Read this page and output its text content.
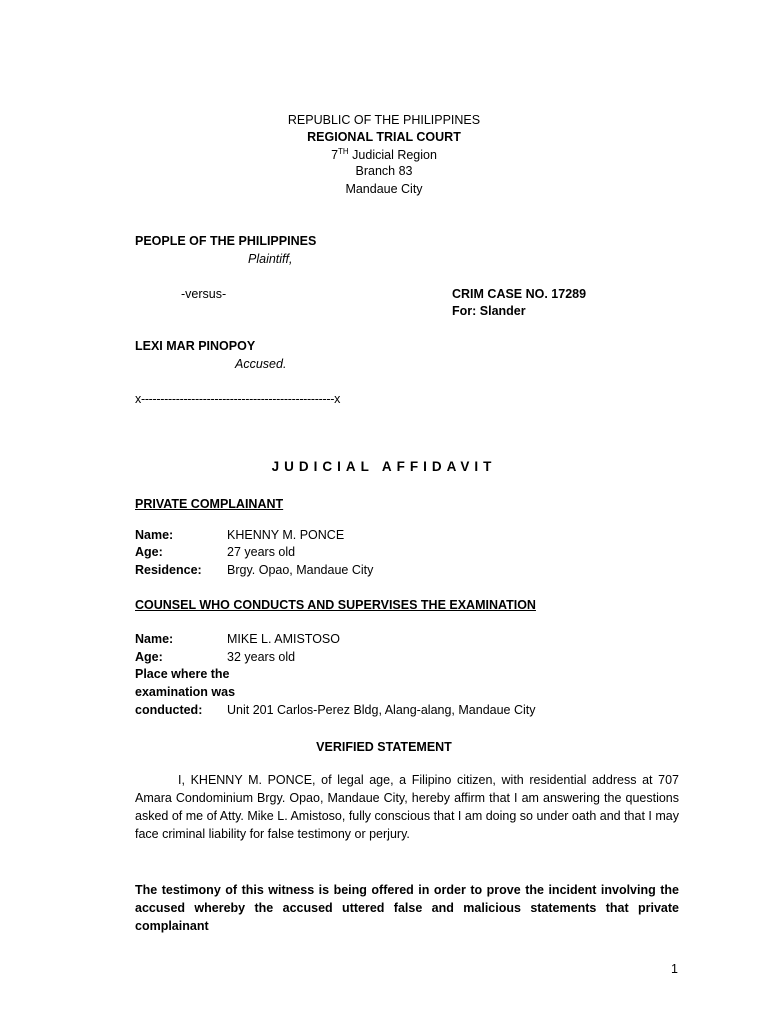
REPUBLIC OF THE PHILIPPINES
REGIONAL TRIAL COURT
7TH Judicial Region
Branch 83
Mandaue City
PEOPLE OF THE PHILIPPINES
Plaintiff,
-versus-	CRIM CASE NO. 17289
For: Slander
LEXI MAR PINOPOY
Accused.
x--------------------------------------------------x
JUDICIAL AFFIDAVIT
PRIVATE COMPLAINANT
Name:	KHENNY M. PONCE
Age:	27 years old
Residence: Brgy. Opao, Mandaue City
COUNSEL WHO CONDUCTS AND SUPERVISES THE EXAMINATION
Name:	MIKE L. AMISTOSO
Age:	32 years old
Place where the
examination was
conducted: Unit 201 Carlos-Perez Bldg, Alang-alang, Mandaue City
VERIFIED STATEMENT
I, KHENNY M. PONCE, of legal age, a Filipino citizen, with residential address at 707 Amara Condominium Brgy. Opao, Mandaue City, hereby affirm that I am answering the questions asked of me of Atty. Mike L. Amistoso, fully conscious that I am doing so under oath and that I may face criminal liability for false testimony or perjury.
The testimony of this witness is being offered in order to prove the incident involving the accused whereby the accused uttered false and malicious statements that private complainant
1
